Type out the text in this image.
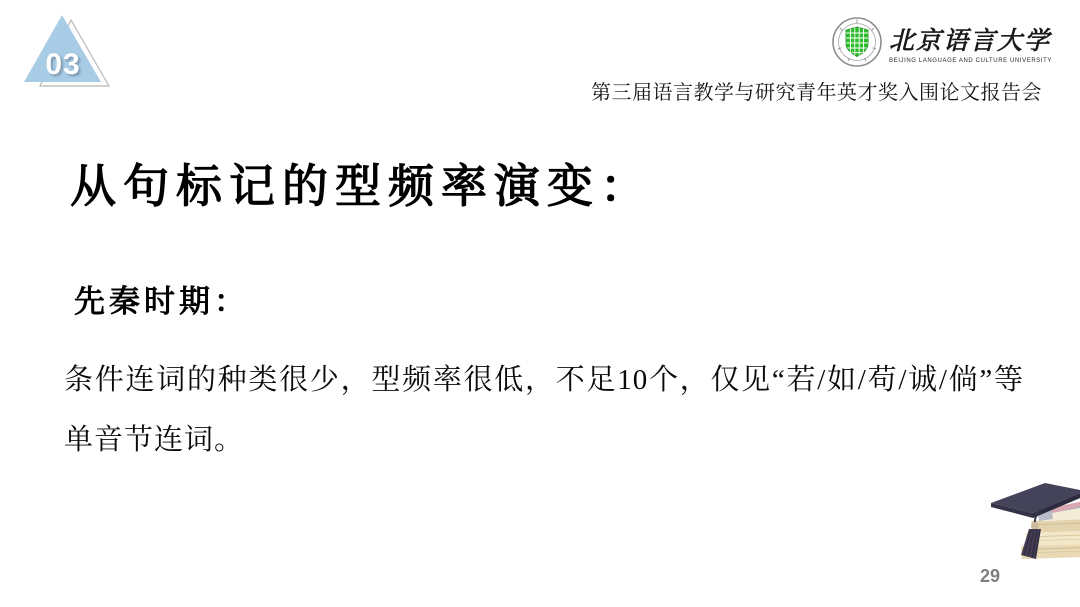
03
北京语言大学
BEIJING LANGUAGE AND CULTURE UNIVERSITY
第三届语言教学与研究青年英才奖入围论文报告会
从句标记的型频率演变：
先秦时期：

条件连词的种类很少，型频率很低，不足10个，仅见“若/如/苟/诚/倘”等单音节连词。

29
